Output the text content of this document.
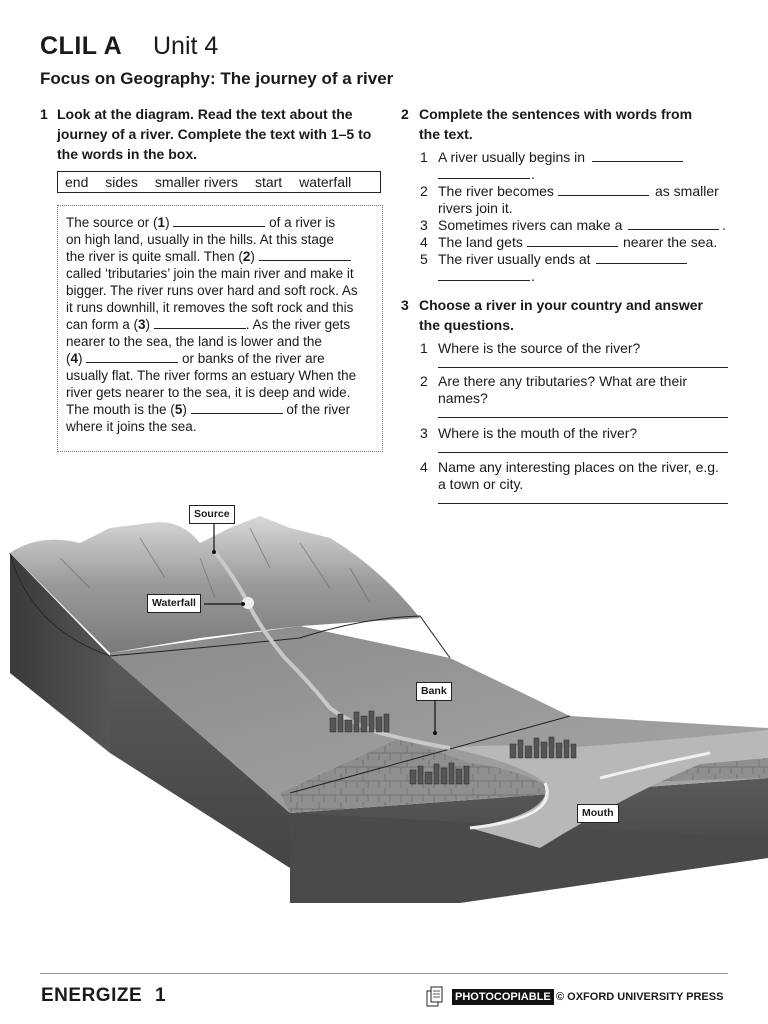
CLIL A Unit 4
Focus on Geography: The journey of a river
1 Look at the diagram. Read the text about the
journey of a river. Complete the text with 1–5 to
the words in the box.
end sides smaller rivers start waterfall
The source or (1)	of a river is
on high land, usually in the hills. At this stage
the river is quite small. Then (2)
called ‘tributaries’ join the main river and make it
bigger. The river runs over hard and soft rock. As
it runs downhill, it removes the soft rock and this
can form a (3)	. As the river gets
nearer to the sea, the land is lower and the
(4)	or banks of the river are
usually flat. The river forms an estuary When the
river gets nearer to the sea, it is deep and wide.
The mouth is the (5)	of the river
where it joins the sea.
2 Complete the sentences with words from
the text.
1 A river usually begins in
.
2 The river becomes	as smaller
rivers join it.
3 Sometimes rivers can make a	.
4 The land gets	nearer the sea.
5 The river usually ends at
.
3 Choose a river in your country and answer
the questions.
1 Where is the source of the river?
2 Are there any tributaries? What are their
names?
3 Where is the mouth of the river?
4 Name any interesting places on the river, e.g.
a town or city.
Source
Waterfall
Bank
Mouth
ENERGIZE 1	PHOTOCOPIABLE © OXFORD UNIVERSITY PRESS
